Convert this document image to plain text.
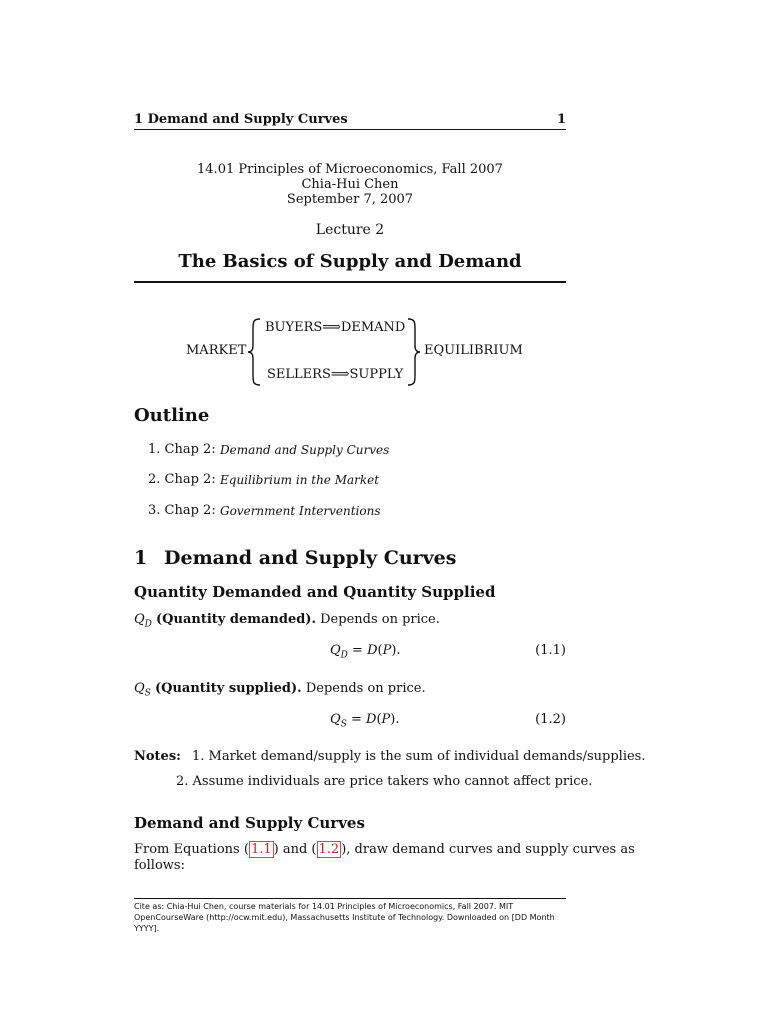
1 Demand and Supply Curves	1
14.01 Principles of Microeconomics, Fall 2007
Chia-Hui Chen
September 7, 2007
Lecture 2
The Basics of Supply and Demand
MARKET
BUYERS⟹DEMAND
SELLERS⟹SUPPLY
EQUILIBRIUM
Outline
1. Chap 2: Demand and Supply Curves
2. Chap 2: Equilibrium in the Market
3. Chap 2: Government Interventions
1 Demand and Supply Curves
Quantity Demanded and Quantity Supplied
$Q_D$ (Quantity demanded). Depends on price.
$Q_D = D(P)$.	(1.1)
$Q_S$ (Quantity supplied). Depends on price.
$Q_S = D(P)$.	(1.2)
Notes: 1. Market demand/supply is the sum of individual demands/supplies.
2. Assume individuals are price takers who cannot affect price.
Demand and Supply Curves
From Equations ( 1.1 ) and ( 1.2 ), draw demand curves and supply curves as
follows:
Cite as: Chia-Hui Chen, course materials for 14.01 Principles of Microeconomics, Fall 2007. MIT
OpenCourseWare (http://ocw.mit.edu), Massachusetts Institute of Technology. Downloaded on [DD Month
YYYY].
